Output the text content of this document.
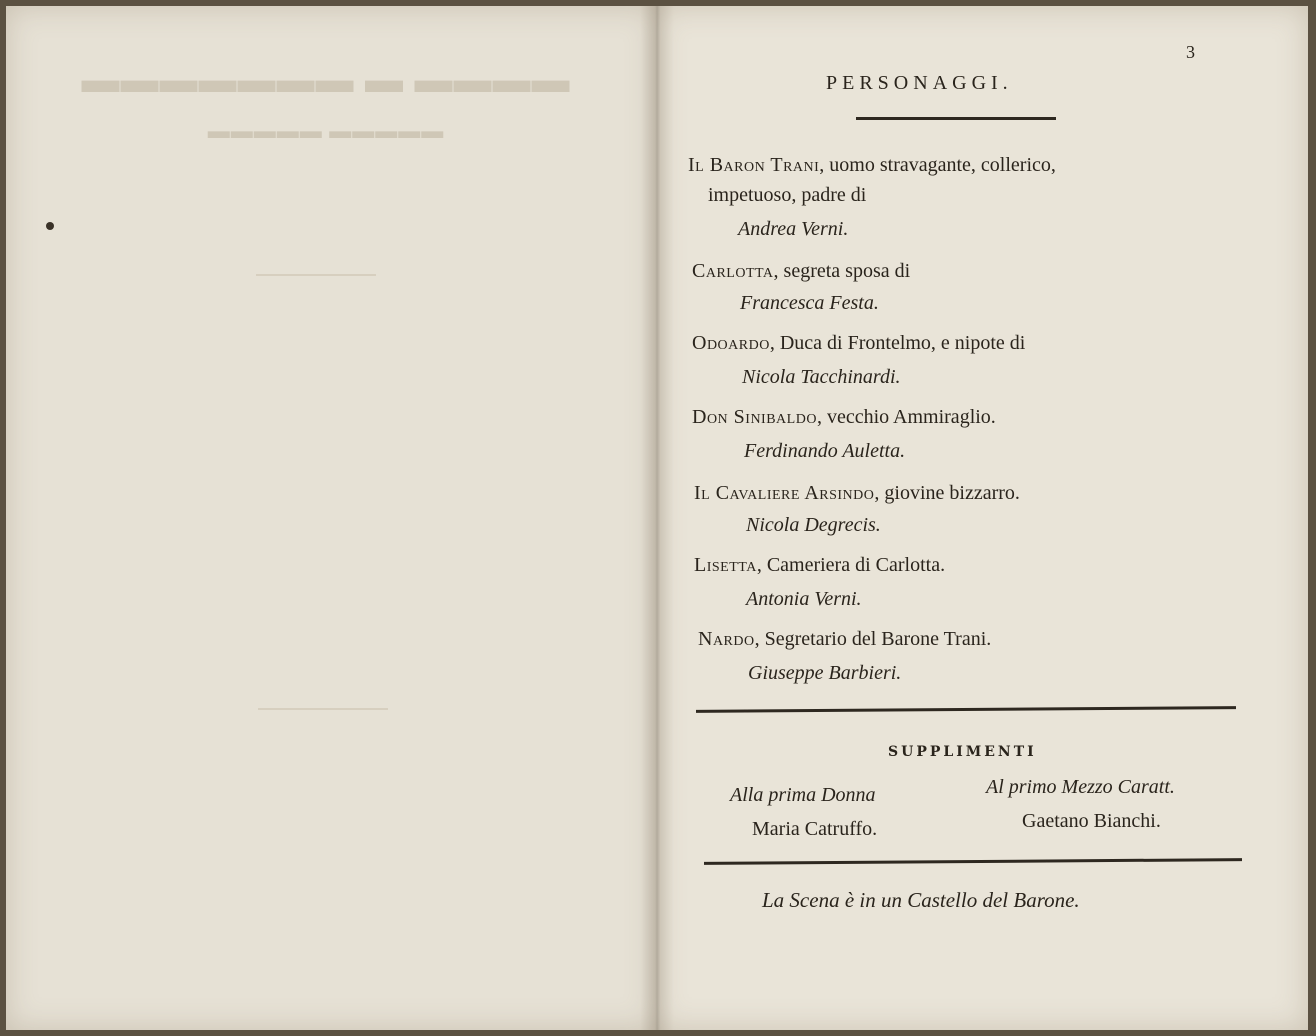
▬▬▬▬ ▬ ▬▬▬▬▬▬▬
▬▬▬▬▬ ▬▬▬▬▬
3
PERSONAGGI.
Il Baron Trani, uomo stravagante, collerico,
impetuoso, padre di
Andrea Verni.
Carlotta, segreta sposa di
Francesca Festa.
Odoardo, Duca di Frontelmo, e nipote di
Nicola Tacchinardi.
Don Sinibaldo, vecchio Ammiraglio.
Ferdinando Auletta.
Il Cavaliere Arsindo, giovine bizzarro.
Nicola Degrecis.
Lisetta, Cameriera di Carlotta.
Antonia Verni.
Nardo, Segretario del Barone Trani.
Giuseppe Barbieri.
SUPPLIMENTI
Alla prima Donna
Maria Catruffo.
Al primo Mezzo Caratt.
Gaetano Bianchi.
La Scena è in un Castello del Barone.
